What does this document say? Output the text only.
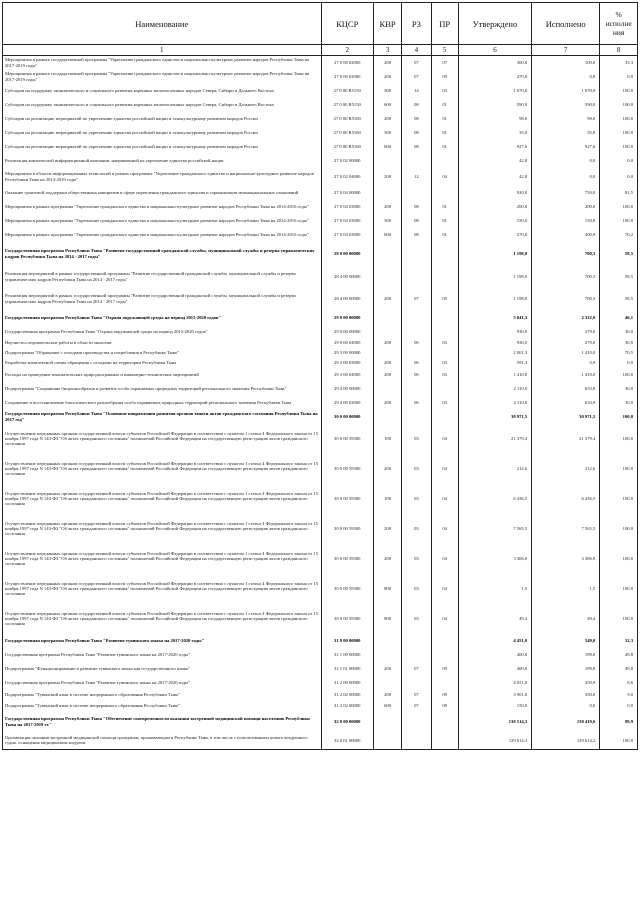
Наименование	КЦСР	КВР	РЗ	ПР	Утверждено	Исполнено	% исполне ния
1	2	3	4	5	6	7	8
Мероприятия в рамках государственной программы "Укрепление гражданского единства и национально-культурное развитие народов Республики Тыва на 2017-2019 годы"	27 0 00 02000	200	07	07	300,0	100,0	33,3
Мероприятия в рамках государственной программы "Укрепление гражданского единства и национально-культурное развитие народов Республики Тыва на 2017-2019 годы"	27 0 00 02000	200	07	09	270,0	0,0	0,0
Субсидии на поддержку экономического и социального развития коренных малочисленных народов Севера, Сибири и Дальнего Востока	27 0 00 R5150	300	14	03	1 070,0	1 070,0	100,0
Субсидии на поддержку экономического и социального развития коренных малочисленных народов Севера, Сибири и Дальнего Востока	27 0 00 R5150	600	08	01	590,0	590,0	100,0
Субсидии на реализацию мероприятий по укреплению единства российской нации и этнокультурному развитию народов России	27 0 00 R5160	200	08	01	98,0	98,0	100,0
Субсидии на реализацию мероприятий по укреплению единства российской нации и этнокультурному развитию народов России	27 0 00 R5160	300	08	01	35,0	35,0	100,0
Субсидии на реализацию мероприятий по укреплению единства российской нации и этнокультурному развитию народов России	27 0 00 R5160	600	08	01	927,6	927,6	100,0
Реализация комплексной информационной кампании, направленной на укрепление единства российской нации	27 0 02 00000				42,8	0,0	0,0
Мероприятия в области информационных технологий в рамках программы "Укрепление гражданского единства и национально-культурное развитие народов Республики Тыва на 2013-2019 годы"	27 0 02 04000	200	12	04	42,8	0,0	0,0
Оказание грантовой поддержки общественных инициатив в сфере укрепления гражданского единства и гармонизации межнациональных отношений	27 0 04 00000				920,0	750,0	81,5
Мероприятия в рамках программы "Укрепление гражданского единства и национально-культурное развитие народов Республики Тыва на 2014-2016 годы"	27 0 04 03000	200	08	01	200,0	200,0	100,0
Мероприятия в рамках программы "Укрепление гражданского единства и национально-культурное развитие народов Республики Тыва на 2014-2016 годы"	27 0 04 03000	300	08	01	150,0	150,0	100,0
Мероприятия в рамках программы "Укрепление гражданского единства и национально-культурное развитие народов Республики Тыва на 2014-2016 годы"	27 0 04 03000	600	08	01	570,0	400,0	70,2
Государственная программа Республики Тыва "Развитие государственной гражданской службы, муниципальной службы и резерва управленческих кадров Республики Тыва на 2014 - 2017 годы"	28 0 00 00000				1 198,0	700,3	58,5
Реализация мероприятий в рамках государственной программы "Развитие государственной гражданской службы, муниципальной службы и резерва управленческих кадров Республики Тыва на 2014 - 2017 годы"	28 4 00 00000				1 198,0	700,3	58,5
Реализация мероприятий в рамках государственной программы "Развитие государственной гражданской службы, муниципальной службы и резерва управленческих кадров Республики Тыва на 2014 - 2017 годы"	28 4 00 00000	200	07	05	1 198,0	700,3	58,5
Государственная программа Республики Тыва "Охрана окружающей среды на период 2015-2020 годов"	29 0 00 00000				5 041,3	2 322,0	46,1
Государственная программа Республики Тыва "Охрана окружающей среды на период 2015-2020 годов"	29 0 00 00000				930,0	279,0	30,0
Научно-исследовательские работы в области экологии	29 0 00 04000	200	06	03	930,0	279,0	30,0
Подпрограмма "Обращение с отходами производства и потребления в Республике Тыва"	29 3 00 00000				2 001,3	1 410,0	70,5
Разработка комплексной схемы обращения с отходами на территории Республики Тыва	29 3 00 03000	200	06	03	591,3	0,0	0,0
Расходы на проведение изыскательских природоохранных и инженерно-технических мероприятий	29 3 00 04000	200	06	03	1 410,0	1 410,0	100,0
Подпрограмма "Сохранение биоразнообразия и развитие особо охраняемых природных территорий регионального значения Республики Тыва"	29 4 00 00000				2 110,0	633,0	30,0
Сохранение и восстановление биологического разнообразия особо охраняемых природных территорий регионального значения Республики Тыва	29 4 00 02000	200	06	03	2 110,0	633,0	30,0
Государственная программа Республики Тыва "Основные направления развития органов записи актов гражданского состояния Республики Тыва на 2017 год"	30 0 00 00000				30 971,5	30 971,5	100,0
Осуществление переданных органам государственной власти субъектов Российской Федерации в соответствии с пунктом 1 статьи 4 Федерального закона от 15 ноября 1997 года N 143-ФЗ "Об актах гражданского состояния" полномочий Российской Федерации на государственную регистрацию актов гражданского состояния	30 0 00 59300	100	03	04	21 379,4	21 379,4	100,0
Осуществление переданных органам государственной власти субъектов Российской Федерации в соответствии с пунктом 1 статьи 4 Федерального закона от 15 ноября 1997 года N 143-ФЗ "Об актах гражданского состояния" полномочий Российской Федерации на государственную регистрацию актов гражданского состояния	30 0 00 59300	200	03	04	212,6	212,6	100,0
Осуществление переданных органам государственной власти субъектов Российской Федерации в соответствии с пунктом 1 статьи 4 Федерального закона от 15 ноября 1997 года N 143-ФЗ "Об актах гражданского состояния" полномочий Российской Федерации на государственную регистрацию актов гражданского состояния	30 0 00 59300	100	03	04	6 436,5	6 436,5	100,0
Осуществление переданных органам государственной власти субъектов Российской Федерации в соответствии с пунктом 1 статьи 4 Федерального закона от 15 ноября 1997 года N 143-ФЗ "Об актах гражданского состояния" полномочий Российской Федерации на государственную регистрацию актов гражданского состояния	30 0 00 59300	200	03	04	7 565,5	7 565,5	100,0
Осуществление переданных органам государственной власти субъектов Российской Федерации в соответствии с пунктом 1 статьи 4 Федерального закона от 15 ноября 1997 года N 143-ФЗ "Об актах гражданского состояния" полномочий Российской Федерации на государственную регистрацию актов гражданского состояния	30 0 00 59300	200	03	04	3 306,8	3 306,8	100,0
Осуществление переданных органам государственной власти субъектов Российской Федерации в соответствии с пунктом 1 статьи 4 Федерального закона от 15 ноября 1997 года N 143-ФЗ "Об актах гражданского состояния" полномочий Российской Федерации на государственную регистрацию актов гражданского состояния	30 0 00 59300	800	03	04	1,5	1,5	100,0
Осуществление переданных органам государственной власти субъектов Российской Федерации в соответствии с пунктом 1 статьи 4 Федерального закона от 15 ноября 1997 года N 143-ФЗ "Об актах гражданского состояния" полномочий Российской Федерации на государственную регистрацию актов гражданского состояния	30 0 00 59300	800	03	04	49,4	49,4	100,0
Государственная программа Республики Тыва "Развитие тувинского языка на 2017-2020 годы"	31 0 00 00000				4 451,0	549,0	12,3
Государственная программа Республики Тыва "Развитие тувинского языка на 2017-2020 годы"	31 1 00 00000				400,0	199,0	49,8
Подпрограмма "Функционирование и развитие тувинского языка как государственного языка"	31 1 01 00000	200	07	09	400,0	199,0	49,8
Государственная программа Республики Тыва "Развитие тувинского языка на 2017-2020 годы"	31 2 00 00000				4 051,0	350,0	8,6
Подпрограмма "Тувинский язык в системе непрерывного образования Республики Тыва"	31 2 02 00000	200	07	09	3 901,0	350,0	9,0
Подпрограмма "Тувинский язык в системе непрерывного образования Республики Тыва"	31 2 02 00000	600	07	09	150,0	0,0	0,0
Государственная программа Республики Тыва "Обеспечение своевременности оказания экстренной медицинской помощи населению Республики Тыва на 2017-2019 гг."	32 0 00 00000				130 514,3	130 419,6	99,9
Организация оказания экстренной медицинской помощи гражданам, проживающим в Республике Тыва, в том числе с использованием нового воздушного судна, оснащения медицинским модулем	32 0 01 00000				129 614,3	129 614,2	100,0
